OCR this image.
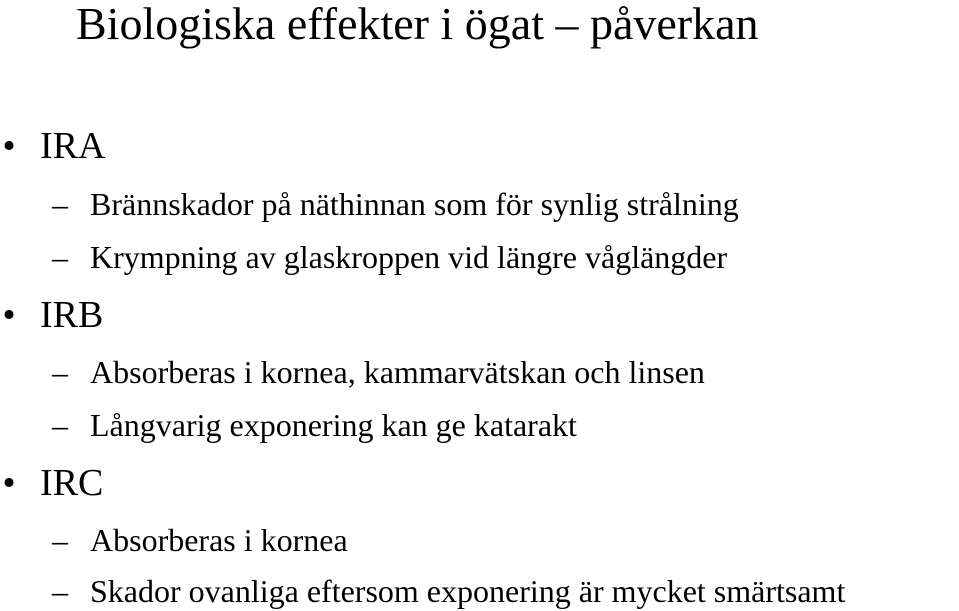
Biologiska effekter i ögat – påverkan
• IRA
– Brännskador på näthinnan som för synlig strålning
– Krympning av glaskroppen vid längre våglängder
• IRB
– Absorberas i kornea, kammarvätskan och linsen
– Långvarig exponering kan ge katarakt
• IRC
– Absorberas i kornea
– Skador ovanliga eftersom exponering är mycket smärtsamt
